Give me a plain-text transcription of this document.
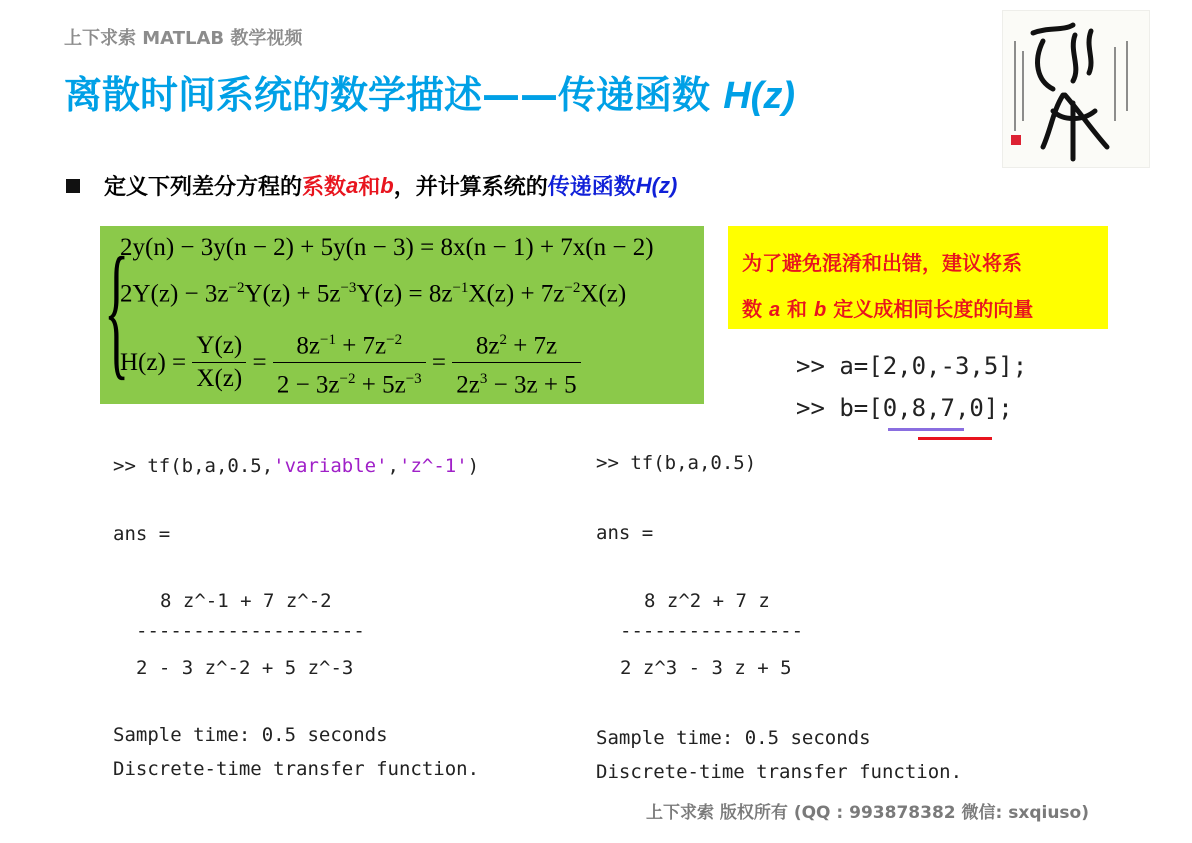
上下求索 MATLAB 教学视频
离散时间系统的数学描述——传递函数 H(z)
定义下列差分方程的 系数 a 和 b ，并计算系统的 传递函数 H(z)
{
2y(n) − 3y(n − 2) + 5y(n − 3) = 8x(n − 1) + 7x(n − 2)
$2Y(z) - 3z^{-2}Y(z) + 5z^{-3}Y(z) = 8z^{-1}X(z) + 7z^{-2}X(z)$
$H(z) = \frac{Y(z)}{X(z)} = \frac{8z^{-1} + 7z^{-2}}{2 - 3z^{-2} + 5z^{-3}} = \frac{8z^2 + 7z}{2z^3 - 3z + 5}$
为了避免混淆和出错，建议将系
数 a 和 b 定义成相同长度的向量
>> a=[2,0,-3,5];
>> b=[0,8,7,0];
>> tf(b,a,0.5,'variable','z^-1')
ans =
8 z^-1 + 7 z^-2
--------------------
2 - 3 z^-2 + 5 z^-3
Sample time: 0.5 seconds
Discrete-time transfer function.
>> tf(b,a,0.5)
ans =
8 z^2 + 7 z
----------------
2 z^3 - 3 z + 5
Sample time: 0.5 seconds
Discrete-time transfer function.
上下求索 版权所有 (QQ : 993878382 微信: sxqiuso)
